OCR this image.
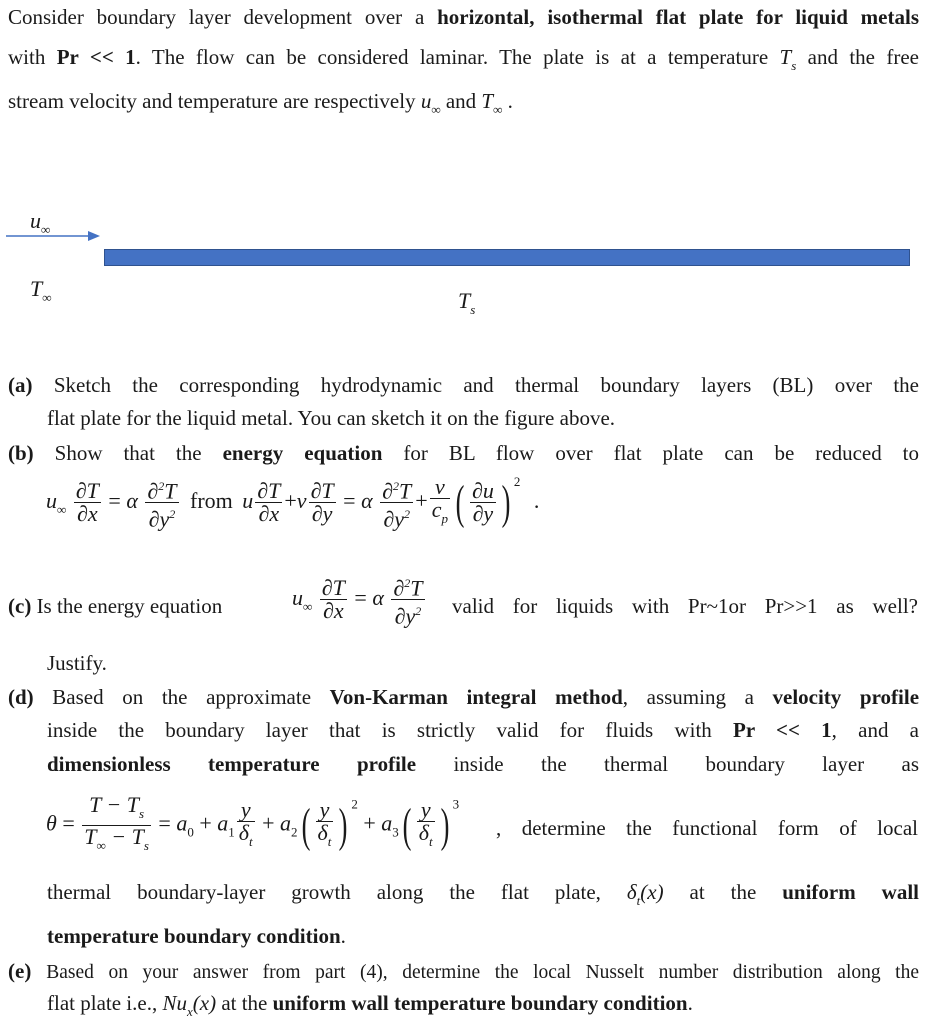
Consider boundary layer development over a horizontal, isothermal flat plate for liquid metals
with Pr << 1. The flow can be considered laminar. The plate is at a temperature $T_s$ and the free
stream velocity and temperature are respectively $u_\infty$ and $T_\infty$ .
$u_\infty$
$T_\infty$	$T_s$
(a) Sketch the corresponding hydrodynamic and thermal boundary layers (BL) over the
flat plate for the liquid metal. You can sketch it on the figure above.
(b) Show that the energy equation for BL flow over flat plate can be reduced to
$u_\infty \frac{\partial T}{\partial x} = \alpha \frac{\partial^2T}{\partial y^2}$ from u $\frac{\partial T}{\partial x} +v \frac{\partial T}{\partial y} = \alpha \frac{\partial^2T}{\partial y^2} + \frac{\nu}{c_p}$ ( $\frac{\partial u}{\partial y}$ ) $^2$ .
(c) Is the energy equation	$u_\infty \frac{\partial T}{\partial x} = \alpha \frac{\partial^2T}{\partial y^2}$ valid for liquids with Pr~1or Pr>>1 as well?
Justify.
(d) Based on the approximate Von-Karman integral method, assuming a velocity profile
inside the boundary layer that is strictly valid for fluids with Pr << 1, and a
dimensionless temperature profile inside the thermal boundary layer as
$\theta = \frac{T - T_s}{T_\infty - T_s} = a_0 + a_1 \frac{y}{\delta_t} + a_2( \frac{y}{\delta_t}$ ) $^2 + a_3( \frac{y}{\delta_t}$ ) $^3$
, determine the functional form of local
thermal boundary-layer growth along the flat plate, $\delta_t(x)$ at the uniform wall
temperature boundary condition.
(e) Based on your answer from part (4), determine the local Nusselt number distribution along the
flat plate i.e., $Nu_x(x)$ at the uniform wall temperature boundary condition.
